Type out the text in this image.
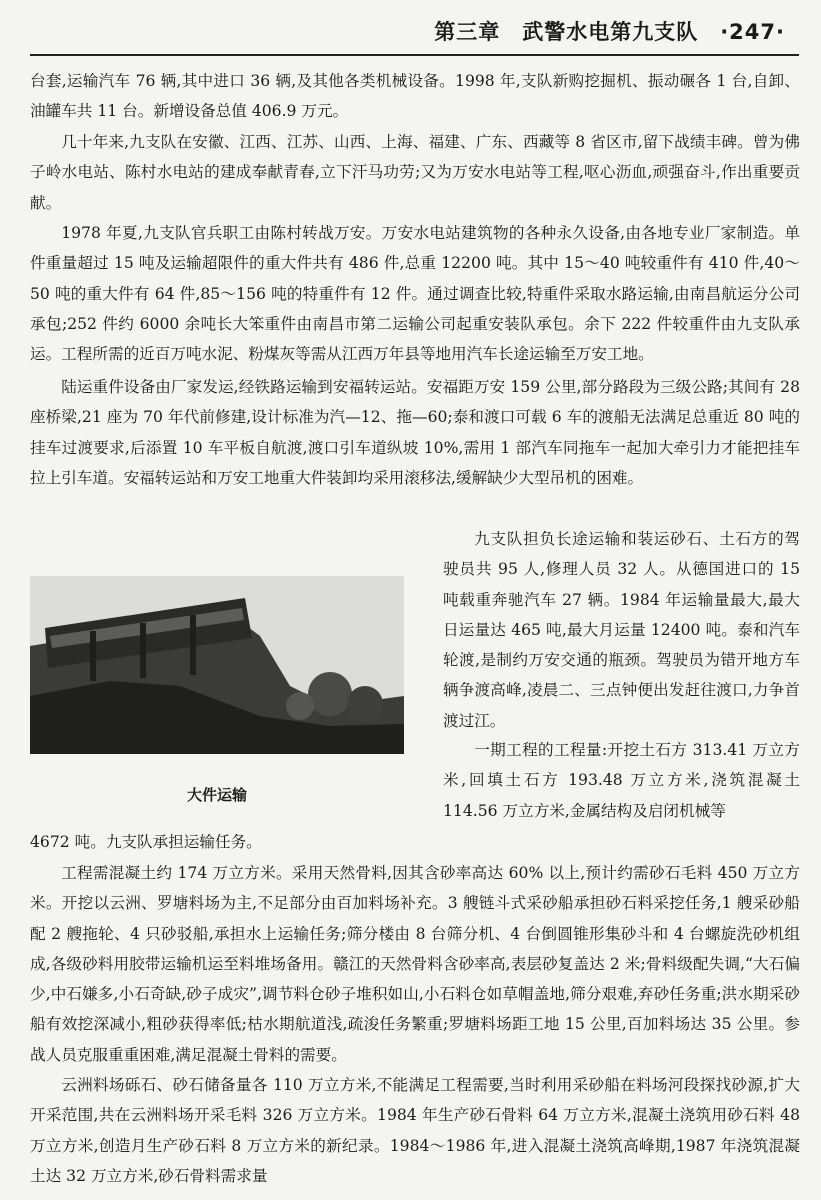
第三章　武警水电第九支队　·247·

台套,运输汽车 76 辆,其中进口 36 辆,及其他各类机械设备。1998 年,支队新购挖掘机、振动碾各 1 台,自卸、油罐车共 11 台。新增设备总值 406.9 万元。

几十年来,九支队在安徽、江西、江苏、山西、上海、福建、广东、西藏等 8 省区市,留下战绩丰碑。曾为佛子岭水电站、陈村水电站的建成奉献青春,立下汗马功劳;又为万安水电站等工程,呕心沥血,顽强奋斗,作出重要贡献。

1978 年夏,九支队官兵职工由陈村转战万安。万安水电站建筑物的各种永久设备,由各地专业厂家制造。单件重量超过 15 吨及运输超限件的重大件共有 486 件,总重 12200 吨。其中 15～40 吨较重件有 410 件,40～50 吨的重大件有 64 件,85～156 吨的特重件有 12 件。通过调查比较,特重件采取水路运输,由南昌航运分公司承包;252 件约 6000 余吨长大笨重件由南昌市第二运输公司起重安装队承包。余下 222 件较重件由九支队承运。工程所需的近百万吨水泥、粉煤灰等需从江西万年县等地用汽车长途运输至万安工地。

陆运重件设备由厂家发运,经铁路运输到安福转运站。安福距万安 159 公里,部分路段为三级公路;其间有 28 座桥梁,21 座为 70 年代前修建,设计标准为汽—12、拖—60;泰和渡口可载 6 车的渡船无法满足总重近 80 吨的挂车过渡要求,后添置 10 车平板自航渡,渡口引车道纵坡 10%,需用 1 部汽车同拖车一起加大牵引力才能把挂车拉上引车道。安福转运站和万安工地重大件装卸均采用滚移法,缓解缺少大型吊机的困难。

大件运输

九支队担负长途运输和装运砂石、土石方的驾驶员共 95 人,修理人员 32 人。从德国进口的 15 吨载重奔驰汽车 27 辆。1984 年运输量最大,最大日运量达 465 吨,最大月运量 12400 吨。泰和汽车轮渡,是制约万安交通的瓶颈。驾驶员为错开地方车辆争渡高峰,凌晨二、三点钟便出发赶往渡口,力争首渡过江。

一期工程的工程量:开挖土石方 313.41 万立方米,回填土石方 193.48 万立方米,浇筑混凝土 114.56 万立方米,金属结构及启闭机械等

4672 吨。九支队承担运输任务。

工程需混凝土约 174 万立方米。采用天然骨料,因其含砂率高达 60% 以上,预计约需砂石毛料 450 万立方米。开挖以云洲、罗塘料场为主,不足部分由百加料场补充。3 艘链斗式采砂船承担砂石料采挖任务,1 艘采砂船配 2 艘拖轮、4 只砂驳船,承担水上运输任务;筛分楼由 8 台筛分机、4 台倒圆锥形集砂斗和 4 台螺旋洗砂机组成,各级砂料用胶带运输机运至料堆场备用。赣江的天然骨料含砂率高,表层砂复盖达 2 米;骨料级配失调,“大石偏少,中石嫌多,小石奇缺,砂子成灾”,调节料仓砂子堆积如山,小石料仓如草帽盖地,筛分艰难,弃砂任务重;洪水期采砂船有效挖深减小,粗砂获得率低;枯水期航道浅,疏浚任务繁重;罗塘料场距工地 15 公里,百加料场达 35 公里。参战人员克服重重困难,满足混凝土骨料的需要。

云洲料场砾石、砂石储备量各 110 万立方米,不能满足工程需要,当时利用采砂船在料场河段探找砂源,扩大开采范围,共在云洲料场开采毛料 326 万立方米。1984 年生产砂石骨料 64 万立方米,混凝土浇筑用砂石料 48 万立方米,创造月生产砂石料 8 万立方米的新纪录。1984～1986 年,进入混凝土浇筑高峰期,1987 年浇筑混凝土达 32 万立方米,砂石骨料需求量
